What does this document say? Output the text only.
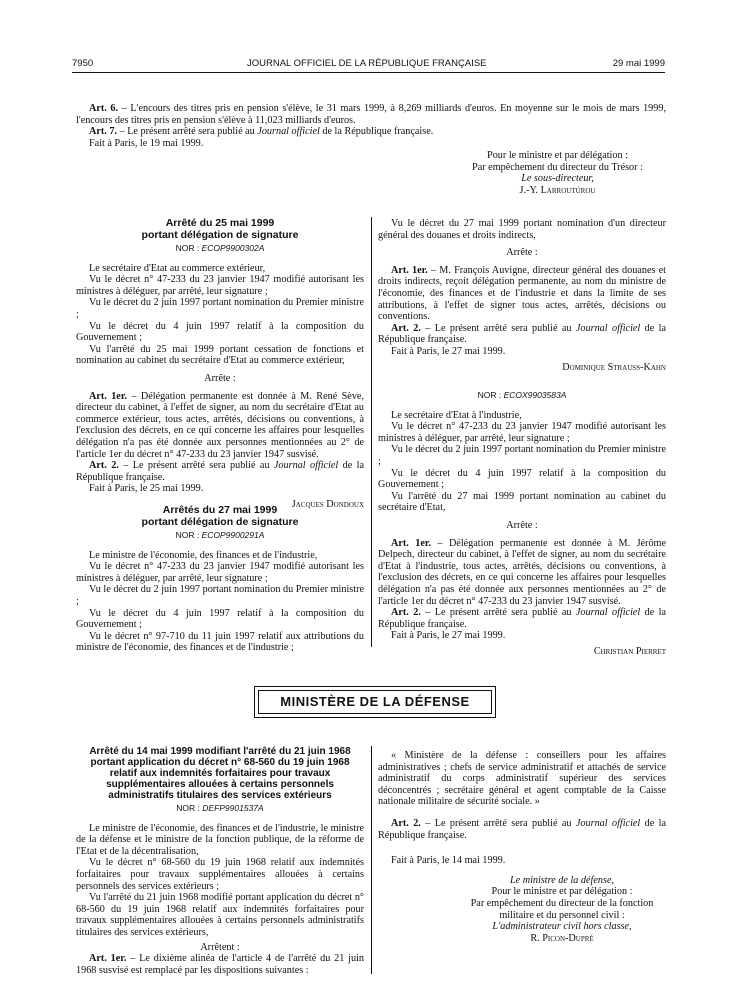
7950	JOURNAL OFFICIEL DE LA RÉPUBLIQUE FRANÇAISE	29 mai 1999

Art. 6. – L'encours des titres pris en pension s'élève, le 31 mars 1999, à 8,269 milliards d'euros. En moyenne sur le mois de mars 1999, l'encours des titres pris en pension s'élève à 11,023 milliards d'euros.

Art. 7. – Le présent arrêté sera publié au Journal officiel de la République française.

Fait à Paris, le 19 mai 1999.

Pour le ministre et par délégation :

Par empêchement du directeur du Trésor :

Le sous-directeur,

J.-Y. Larroutúrou

Arrêté du 25 mai 1999

portant délégation de signature

NOR : ECOP9900302A

Le secrétaire d'Etat au commerce extérieur,

Vu le décret n° 47-233 du 23 janvier 1947 modifié autorisant les ministres à déléguer, par arrêté, leur signature ;

Vu le décret du 2 juin 1997 portant nomination du Premier ministre ;

Vu le décret du 4 juin 1997 relatif à la composition du Gouvernement ;

Vu l'arrêté du 25 mai 1999 portant cessation de fonctions et nomination au cabinet du secrétaire d'Etat au commerce extérieur,

Arrête :

Art. 1er. – Délégation permanente est donnée à M. René Sève, directeur du cabinet, à l'effet de signer, au nom du secrétaire d'Etat au commerce extérieur, tous actes, arrêtés, décisions ou conventions, à l'exclusion des décrets, en ce qui concerne les affaires pour lesquelles délégation n'a pas été donnée aux personnes mentionnées au 2° de l'article 1er du décret n° 47-233 du 23 janvier 1947 susvisé.

Art. 2. – Le présent arrêté sera publié au Journal officiel de la République française.

Fait à Paris, le 25 mai 1999.

Jacques Dondoux

Arrêtés du 27 mai 1999

portant délégation de signature

NOR : ECOP9900291A

Le ministre de l'économie, des finances et de l'industrie,

Vu le décret n° 47-233 du 23 janvier 1947 modifié autorisant les ministres à déléguer, par arrêté, leur signature ;

Vu le décret du 2 juin 1997 portant nomination du Premier ministre ;

Vu le décret du 4 juin 1997 relatif à la composition du Gouvernement ;

Vu le décret n° 97-710 du 11 juin 1997 relatif aux attributions du ministre de l'économie, des finances et de l'industrie ;

Vu le décret du 27 mai 1999 portant nomination d'un directeur général des douanes et droits indirects,

Arrête :

Art. 1er. – M. François Auvigne, directeur général des douanes et droits indirects, reçoit délégation permanente, au nom du ministre de l'économie, des finances et de l'industrie et dans la limite de ses attributions, à l'effet de signer tous actes, arrêtés, décisions ou conventions.

Art. 2. – Le présent arrêté sera publié au Journal officiel de la République française.

Fait à Paris, le 27 mai 1999.

Dominique Strauss-Kahn

NOR : ECOX9903583A

Le secrétaire d'Etat à l'industrie,

Vu le décret n° 47-233 du 23 janvier 1947 modifié autorisant les ministres à déléguer, par arrêté, leur signature ;

Vu le décret du 2 juin 1997 portant nomination du Premier ministre ;

Vu le décret du 4 juin 1997 relatif à la composition du Gouvernement ;

Vu l'arrêté du 27 mai 1999 portant nomination au cabinet du secrétaire d'Etat,

Arrête :

Art. 1er. – Délégation permanente est donnée à M. Jérôme Delpech, directeur du cabinet, à l'effet de signer, au nom du secrétaire d'Etat à l'industrie, tous actes, arrêtés, décisions ou conventions, à l'exclusion des décrets, en ce qui concerne les affaires pour lesquelles délégation n'a pas été donnée aux personnes mentionnées au 2° de l'article 1er du décret n° 47-233 du 23 janvier 1947 susvisé.

Art. 2. – Le présent arrêté sera publié au Journal officiel de la République française.

Fait à Paris, le 27 mai 1999.

Christian Pierret

MINISTÈRE DE LA DÉFENSE

Arrêté du 14 mai 1999 modifiant l'arrêté du 21 juin 1968 portant application du décret n° 68-560 du 19 juin 1968 relatif aux indemnités forfaitaires pour travaux supplémentaires allouées à certains personnels administratifs titulaires des services extérieurs

NOR : DEFP9901537A

Le ministre de l'économie, des finances et de l'industrie, le ministre de la défense et le ministre de la fonction publique, de la réforme de l'Etat et de la décentralisation,

Vu le décret n° 68-560 du 19 juin 1968 relatif aux indemnités forfaitaires pour travaux supplémentaires allouées à certains personnels des services extérieurs ;

Vu l'arrêté du 21 juin 1968 modifié portant application du décret n° 68-560 du 19 juin 1968 relatif aux indemnités forfaitaires pour travaux supplémentaires allouées à certains personnels administratifs titulaires des services extérieurs,

Arrêtent :

Art. 1er. – Le dixième alinéa de l'article 4 de l'arrêté du 21 juin 1968 susvisé est remplacé par les dispositions suivantes :

« Ministère de la défense : conseillers pour les affaires administratives ; chefs de service administratif et attachés de service administratif du corps administratif supérieur des services déconcentrés ; secrétaire général et agent comptable de la Caisse nationale militaire de sécurité sociale. »

Art. 2. – Le présent arrêté sera publié au Journal officiel de la République française.

Fait à Paris, le 14 mai 1999.

Le ministre de la défense,

Pour le ministre et par délégation :

Par empêchement du directeur de la fonction militaire et du personnel civil :

L'administrateur civil hors classe,

R. Picon-Dupré
